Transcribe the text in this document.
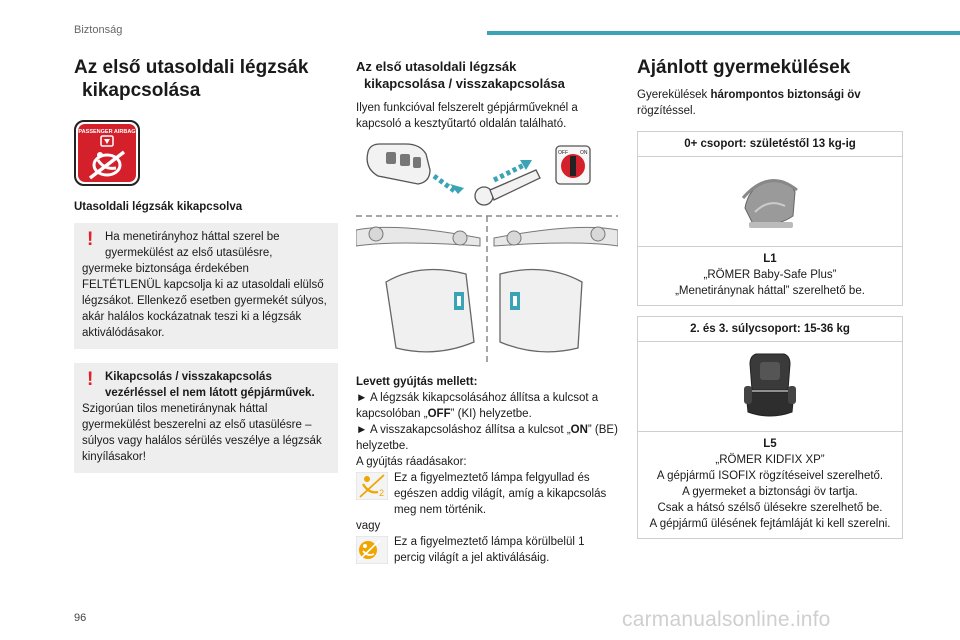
Biztonság
Az első utasoldali légzsák
kikapcsolása
PASSENGER AIRBAG
Utasoldali légzsák kikapcsolva
!	Ha menetirányhoz háttal szerel be
gyermekülést az első utasülésre,
gyermeke biztonsága érdekében FELTÉTLENÜL kapcsolja ki az utasoldali elülső légzsákot. Ellenkező esetben gyermekét súlyos, akár halálos kockázatnak teszi ki a légzsák aktiválódásakor.
!	Kikapcsolás / visszakapcsolás
vezérléssel el nem látott gépjárművek.
Szigorúan tilos menetiránynak háttal gyermekülést beszerelni az első utasülésre – súlyos vagy halálos sérülés veszélye a légzsák kinyílásakor!
Az első utasoldali légzsák
kikapcsolása / visszakapcsolása
Ilyen funkcióval felszerelt gépjárműveknél a kapcsoló a kesztyűtartó oldalán található.
OFF ON
Levett gyújtás mellett:
► A légzsák kikapcsolásához állítsa a kulcsot a kapcsolóban „OFF” (KI) helyzetbe.
► A visszakapcsoláshoz állítsa a kulcsot „ON” (BE) helyzetbe.
A gyújtás ráadásakor:
2
Ez a figyelmeztető lámpa felgyullad és egészen addig világít, amíg a kikapcsolás meg nem történik.
vagy
Ez a figyelmeztető lámpa körülbelül 1 percig világít a jel aktiválásáig.
Ajánlott gyermekülések
Gyerekülések hárompontos biztonsági öv rögzítéssel.
0+ csoport: születéstől 13 kg-ig
L1
„RÖMER Baby-Safe Plus”
„Menetiránynak háttal” szerelhető be.
2. és 3. súlycsoport: 15-36 kg
L5
„RÖMER KIDFIX XP”
A gépjármű ISOFIX rögzítéseivel szerelhető.
A gyermeket a biztonsági öv tartja.
Csak a hátsó szélső ülésekre szerelhető be.
A gépjármű ülésének fejtámláját ki kell szerelni.
96	carmanualsonline.info
